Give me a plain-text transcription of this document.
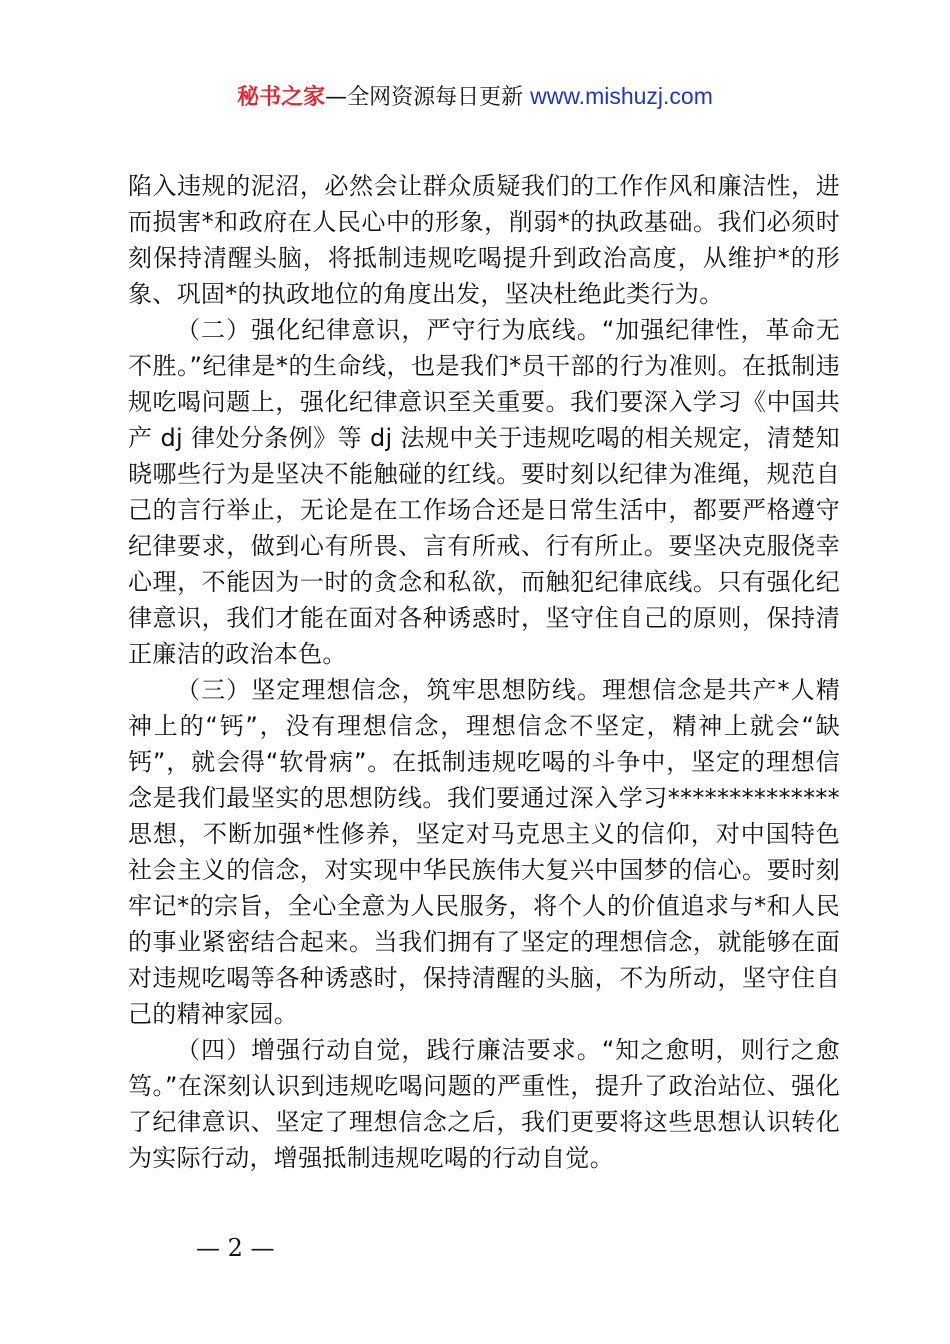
秘书之家—全网资源每日更新 www.mishuzj.com

陷入违规的泥沼，必然会让群众质疑我们的工作作风和廉洁性，进而损害*和政府在人民心中的形象，削弱*的执政基础。我们必须时刻保持清醒头脑，将抵制违规吃喝提升到政治高度，从维护*的形象、巩固*的执政地位的角度出发，坚决杜绝此类行为。

（二）强化纪律意识，严守行为底线。“加强纪律性，革命无不胜。”纪律是*的生命线，也是我们*员干部的行为准则。在抵制违规吃喝问题上，强化纪律意识至关重要。我们要深入学习《中国共产 dj 律处分条例》等 dj 法规中关于违规吃喝的相关规定，清楚知晓哪些行为是坚决不能触碰的红线。要时刻以纪律为准绳，规范自己的言行举止，无论是在工作场合还是日常生活中，都要严格遵守纪律要求，做到心有所畏、言有所戒、行有所止。要坚决克服侥幸心理，不能因为一时的贪念和私欲，而触犯纪律底线。只有强化纪律意识，我们才能在面对各种诱惑时，坚守住自己的原则，保持清正廉洁的政治本色。

（三）坚定理想信念，筑牢思想防线。理想信念是共产*人精神上的“钙”，没有理想信念，理想信念不坚定，精神上就会“缺钙”，就会得“软骨病”。在抵制违规吃喝的斗争中，坚定的理想信念是我们最坚实的思想防线。我们要通过深入学习**************思想，不断加强*性修养，坚定对马克思主义的信仰，对中国特色社会主义的信念，对实现中华民族伟大复兴中国梦的信心。要时刻牢记*的宗旨，全心全意为人民服务，将个人的价值追求与*和人民的事业紧密结合起来。当我们拥有了坚定的理想信念，就能够在面对违规吃喝等各种诱惑时，保持清醒的头脑，不为所动，坚守住自己的精神家园。

（四）增强行动自觉，践行廉洁要求。“知之愈明，则行之愈笃。”在深刻认识到违规吃喝问题的严重性，提升了政治站位、强化了纪律意识、坚定了理想信念之后，我们更要将这些思想认识转化为实际行动，增强抵制违规吃喝的行动自觉。

— 2 —
